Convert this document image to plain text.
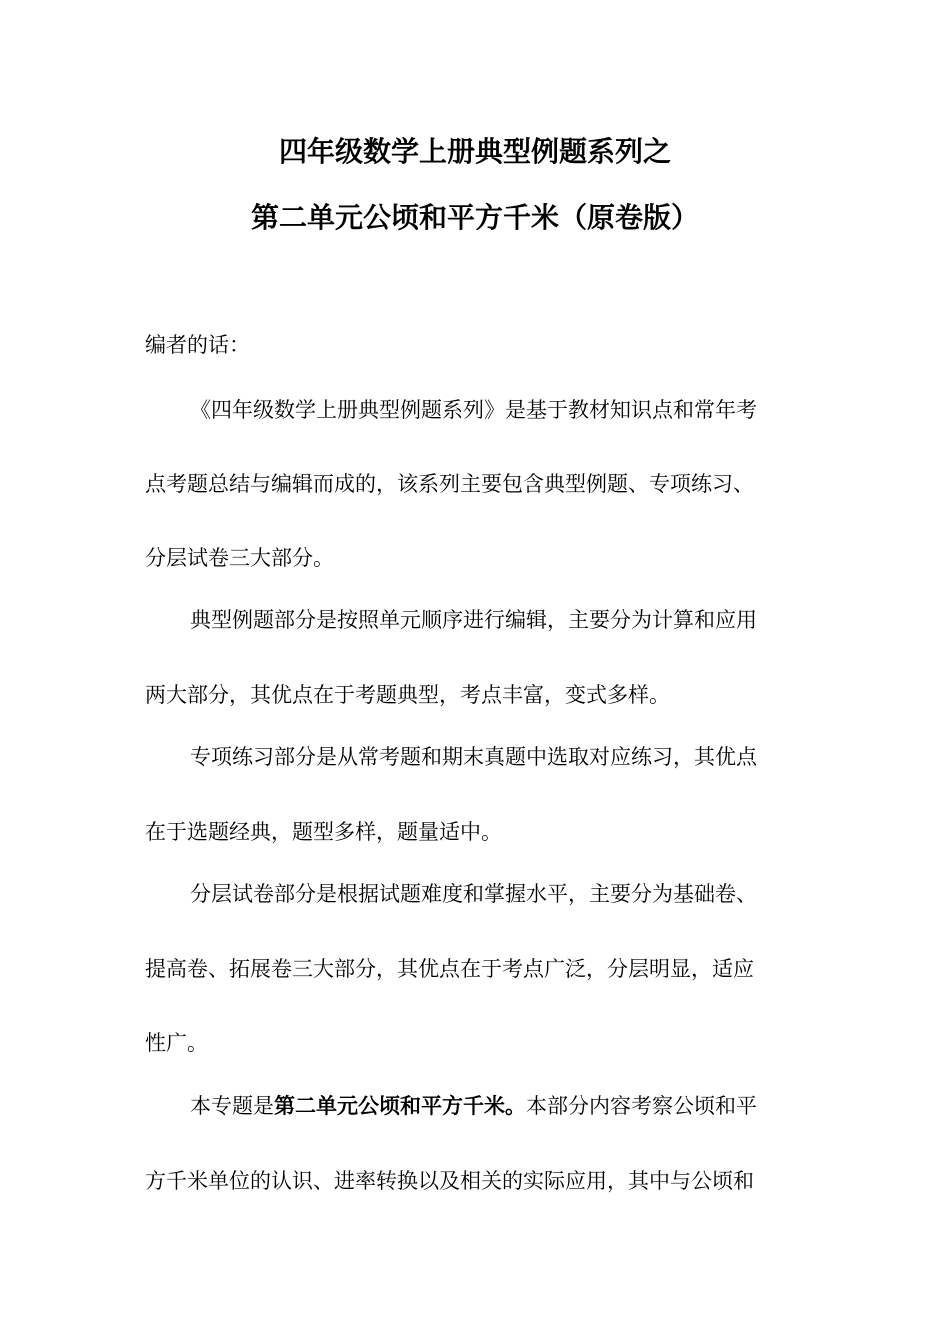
四年级数学上册典型例题系列之
第二单元公顷和平方千米（原卷版）
编者的话：
《四年级数学上册典型例题系列》是基于教材知识点和常年考
点考题总结与编辑而成的，该系列主要包含典型例题、专项练习、
分层试卷三大部分。
典型例题部分是按照单元顺序进行编辑，主要分为计算和应用
两大部分，其优点在于考题典型，考点丰富，变式多样。
专项练习部分是从常考题和期末真题中选取对应练习，其优点
在于选题经典，题型多样，题量适中。
分层试卷部分是根据试题难度和掌握水平，主要分为基础卷、
提高卷、拓展卷三大部分，其优点在于考点广泛，分层明显，适应
性广。
本专题是第二单元公顷和平方千米。本部分内容考察公顷和平
方千米单位的认识、进率转换以及相关的实际应用，其中与公顷和
